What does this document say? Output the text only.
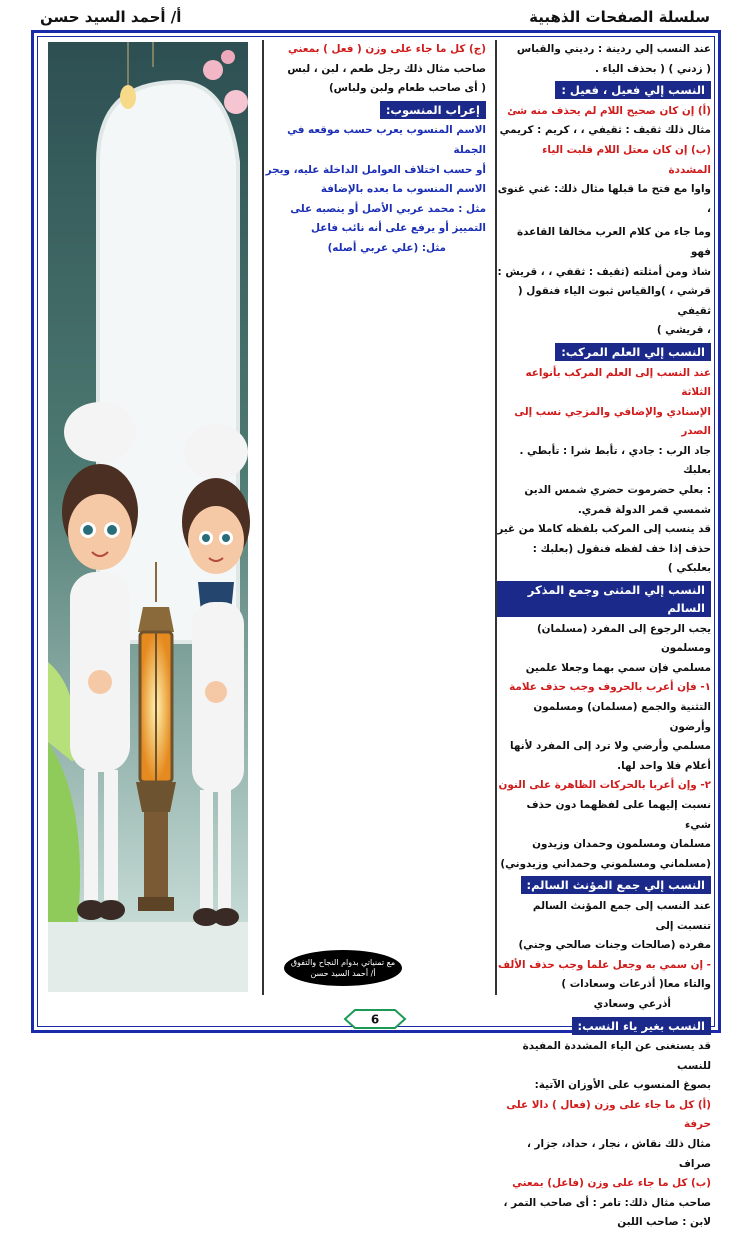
أ/ أحمد السيد حسن	سلسلة الصفحات الذهبية

عند النسب إلي ردينة : رديني والقباس

( زدني ) ( بحذف الياء .

النسب إلي فعيل ، فعيل :

(أ) إن كان صحيح اللام لم يحذف منه شئ

مثال ذلك ثقيف : ثقيفي ، ، كريم : كريمي

(ب) إن كان معتل اللام قلبت الياء المشددة

واوا مع فتح ما قبلها مثال ذلك: غني غنوى ،

وما جاء من كلام العرب مخالفا القاعدة فهو

شاذ ومن أمثلته (ثقيف : ثقفي ، ، قريش :

قرشي ، )والقياس ثبوت الياء فنقول ( ثقيفي

، قريشي )

النسب إلي العلم المركب:

عند النسب إلى العلم المركب بأنواعه الثلاثة

الإسنادي والإضافي والمزجي نسب إلى الصدر

جاد الرب : جادي ، تأبط شرا : تأبطي . بعلبك

: بعلي حضرموت حضري شمس الدين

شمسي قمر الدولة قمري.

قد ينسب إلى المركب بلفظه كاملا من غير

حذف إذا خف لفظه فنقول (بعلبك : بعلبكي )

النسب إلي المثنى وجمع المذكر السالم

يجب الرجوع إلى المفرد (مسلمان) ومسلمون

مسلمي فإن سمي بهما وجعلا علمين

١- فإن أعرب بالحروف وجب حذف علامة

التثنية والجمع (مسلمان) ومسلمون وأرضون

مسلمي وأرضي ولا ترد إلى المفرد لأنها

أعلام فلا واحد لها.

٢- وإن أعربا بالحركات الظاهرة على النون

نسبت إليهما على لفظهما دون حذف شيء

مسلمان ومسلمون وحمدان وزيدون

(مسلماني ومسلموني وحمداني وزيدوني)

النسب إلي جمع المؤنث السالم:

عند النسب إلى جمع المؤنث السالم تنسبت إلى

مفرده (صالحات وجنات صالحي وجني)

- إن سمي به وجعل علما وجب حذف الألف

والتاء معا( أذرعات وسعادات )

أذرعي وسعادي

النسب بغير ياء النسب:

قد يستغنى عن الياء المشددة المفيدة للنسب

بصوغ المنسوب على الأوزان الآتية:

(أ) كل ما جاء على وزن (فعال ) دالا على

حرفة

مثال ذلك نقاش ، نجار ، حداد، جزار ، صراف

(ب) كل ما جاء على وزن (فاعل) بمعني

صاحب مثال ذلك: تامر : أى صاحب التمر ،

لابن : صاحب اللبن

(ج) كل ما جاء على وزن ( فعل ) بمعني

صاحب مثال ذلك رجل طعم ، لبن ، لبس

( أى صاحب طعام ولبن ولباس)

إعراب المنسوب:

الاسم المنسوب يعرب حسب موقعه في الجملة

أو حسب اختلاف العوامل الداخلة عليه، ويجر

الاسم المنسوب ما بعده بالإضافة

مثل : محمد عربي الأصل أو ينصبه على

التمييز أو يرفع على أنه نائب فاعل

مثل: (علي عربي أصله)

مع تمنياتي بدوام النجاح والتفوق
أ/ أحمد السيد حسن
6
